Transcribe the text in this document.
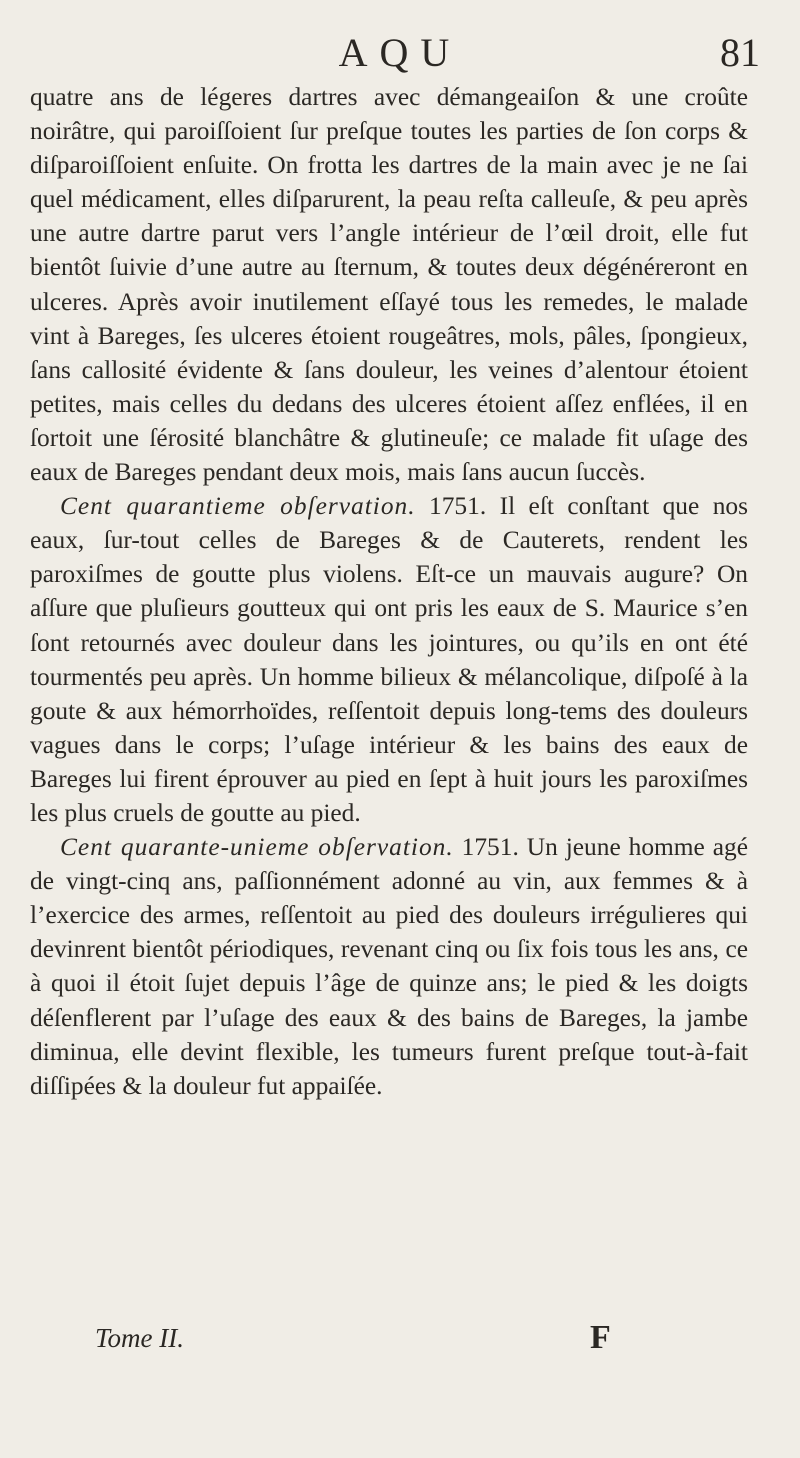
AQU	81

quatre ans de légeres dartres avec démangeaiſon & une croûte noirâtre, qui paroiſſoient ſur preſque toutes les parties de ſon corps & diſparoiſſoient enſuite. On frotta les dartres de la main avec je ne ſai quel médicament, elles diſparurent, la peau reſta calleuſe, & peu après une autre dartre parut vers l’angle intérieur de l’œil droit, elle fut bientôt ſuivie d’une autre au ſternum, & toutes deux dégénéreront en ulceres. Après avoir inutilement eſſayé tous les remedes, le malade vint à Bareges, ſes ulceres étoient rougeâtres, mols, pâles, ſpongieux, ſans callosité évidente & ſans douleur, les veines d’alentour étoient petites, mais celles du dedans des ulceres étoient aſſez enflées, il en ſortoit une ſérosité blanchâtre & glutineuſe; ce malade fit uſage des eaux de Bareges pendant deux mois, mais ſans aucun ſuccès.

Cent quarantieme obſervation. 1751. Il eſt conſtant que nos eaux, ſur-tout celles de Bareges & de Cauterets, rendent les paroxiſmes de goutte plus violens. Eſt-ce un mauvais augure? On aſſure que pluſieurs goutteux qui ont pris les eaux de S. Maurice s’en ſont retournés avec douleur dans les jointures, ou qu’ils en ont été tourmentés peu après. Un homme bilieux & mélancolique, diſpoſé à la goute & aux hémorrhoïdes, reſſentoit depuis long-tems des douleurs vagues dans le corps; l’uſage intérieur & les bains des eaux de Bareges lui firent éprouver au pied en ſept à huit jours les paroxiſmes les plus cruels de goutte au pied.

Cent quarante-unieme obſervation. 1751. Un jeune homme agé de vingt-cinq ans, paſſionnément adonné au vin, aux femmes & à l’exercice des armes, reſſentoit au pied des douleurs irrégulieres qui devinrent bientôt périodiques, revenant cinq ou ſix fois tous les ans, ce à quoi il étoit ſujet depuis l’âge de quinze ans; le pied & les doigts déſenflerent par l’uſage des eaux & des bains de Bareges, la jambe diminua, elle devint flexible, les tumeurs furent preſque tout-à-fait diſſipées & la douleur fut appaiſée.

Tome II.	F
